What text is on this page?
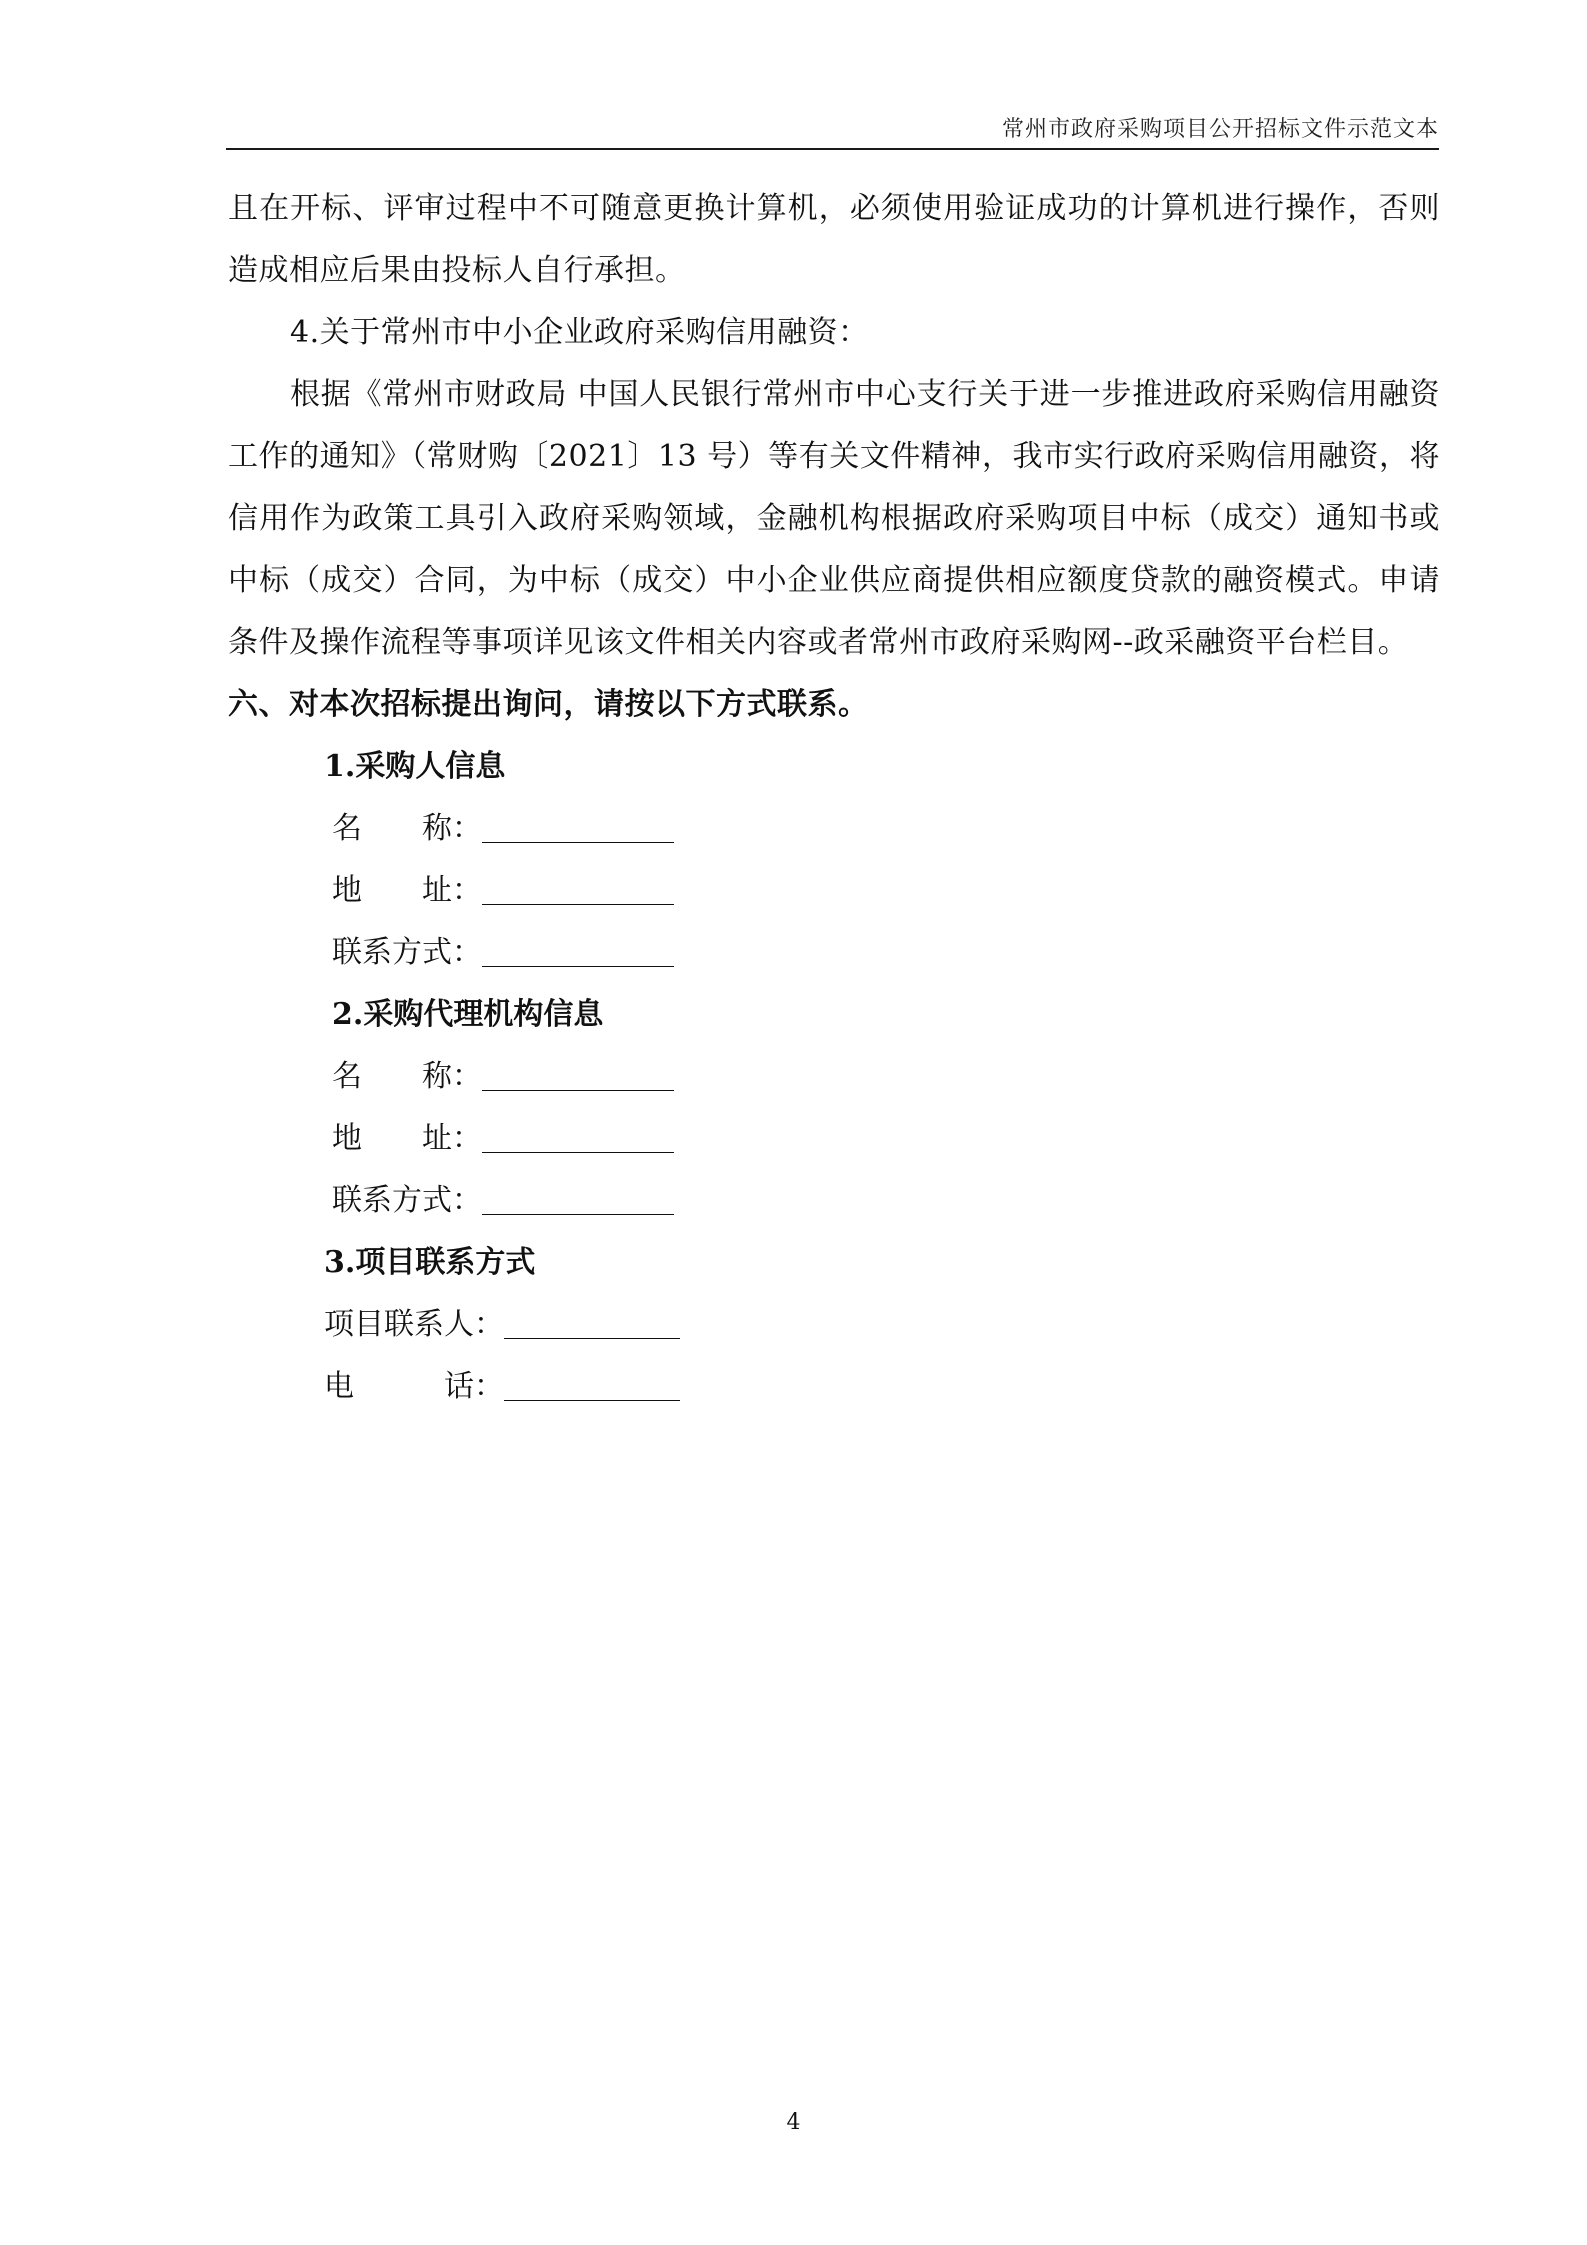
常州市政府采购项目公开招标文件示范文本

且在开标、评审过程中不可随意更换计算机，必须使用验证成功的计算机进行操作，否则造成相应后果由投标人自行承担。

4.关于常州市中小企业政府采购信用融资：

根据《常州市财政局 中国人民银行常州市中心支行关于进一步推进政府采购信用融资工作的通知》（常财购〔2021〕13 号）等有关文件精神，我市实行政府采购信用融资，将信用作为政策工具引入政府采购领域，金融机构根据政府采购项目中标（成交）通知书或中标（成交）合同，为中标（成交）中小企业供应商提供相应额度贷款的融资模式。申请条件及操作流程等事项详见该文件相关内容或者常州市政府采购网--政采融资平台栏目。

六、对本次招标提出询问，请按以下方式联系。

1.采购人信息

名　　称：
地　　址：
联系方式：

2.采购代理机构信息

名　　称：
地　　址：
联系方式：

3.项目联系方式

项目联系人：
电　　　话：
4
